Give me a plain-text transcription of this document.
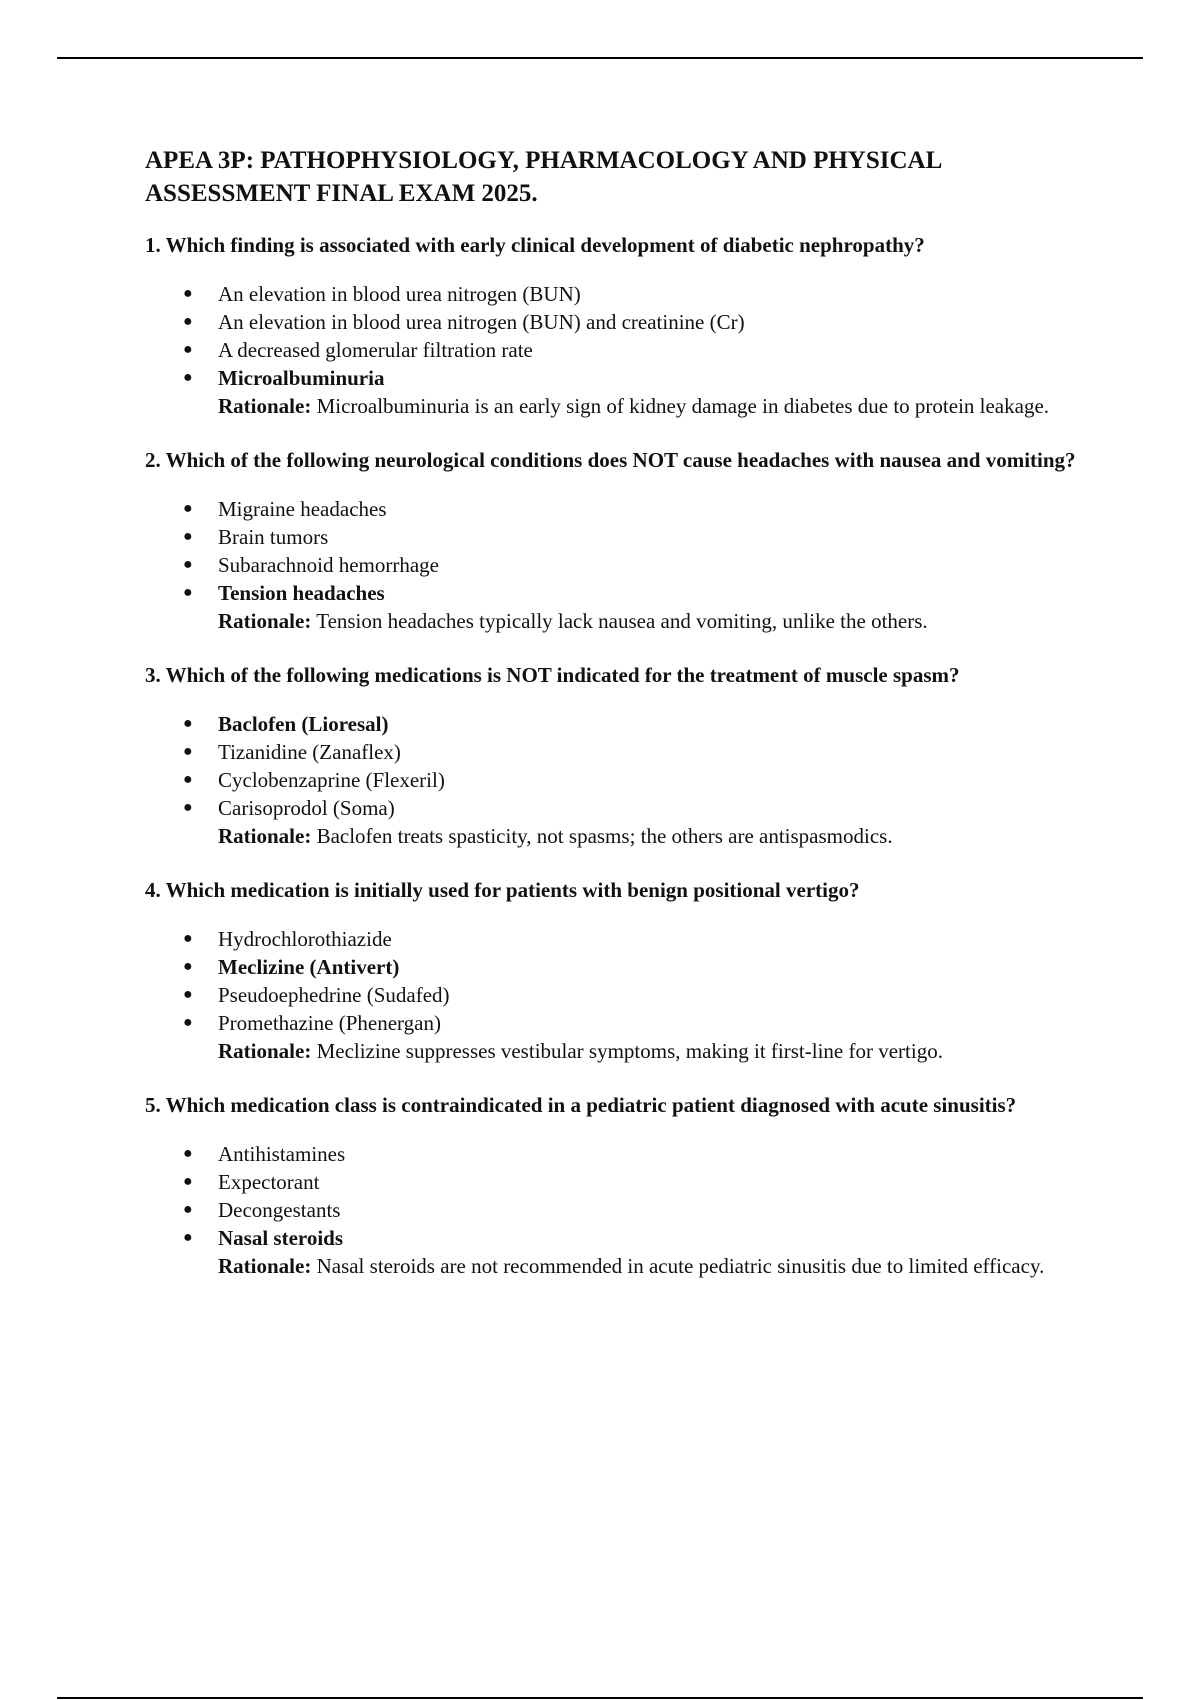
APEA 3P: PATHOPHYSIOLOGY, PHARMACOLOGY AND PHYSICAL ASSESSMENT FINAL EXAM 2025.
1. Which finding is associated with early clinical development of diabetic nephropathy?
● An elevation in blood urea nitrogen (BUN)
● An elevation in blood urea nitrogen (BUN) and creatinine (Cr)
● A decreased glomerular filtration rate
● Microalbuminuria
Rationale: Microalbuminuria is an early sign of kidney damage in diabetes due to protein leakage.
2. Which of the following neurological conditions does NOT cause headaches with nausea and vomiting?
● Migraine headaches
● Brain tumors
● Subarachnoid hemorrhage
● Tension headaches
Rationale: Tension headaches typically lack nausea and vomiting, unlike the others.
3. Which of the following medications is NOT indicated for the treatment of muscle spasm?
● Baclofen (Lioresal)
● Tizanidine (Zanaflex)
● Cyclobenzaprine (Flexeril)
● Carisoprodol (Soma)
Rationale: Baclofen treats spasticity, not spasms; the others are antispasmodics.
4. Which medication is initially used for patients with benign positional vertigo?
● Hydrochlorothiazide
● Meclizine (Antivert)
● Pseudoephedrine (Sudafed)
● Promethazine (Phenergan)
Rationale: Meclizine suppresses vestibular symptoms, making it first-line for vertigo.
5. Which medication class is contraindicated in a pediatric patient diagnosed with acute sinusitis?
● Antihistamines
● Expectorant
● Decongestants
● Nasal steroids
Rationale: Nasal steroids are not recommended in acute pediatric sinusitis due to limited efficacy.
